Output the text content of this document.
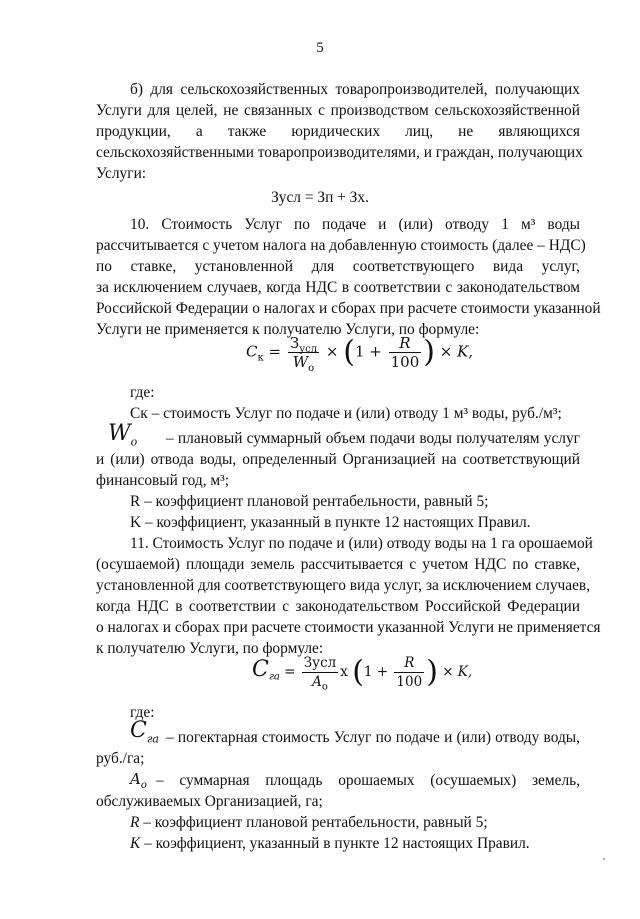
5
б) для сельскохозяйственных товаропроизводителей, получающих
Услуги для целей, не связанных с производством сельскохозяйственной
продукции, а также юридических лиц, не являющихся
сельскохозяйственными товаропроизводителями, и граждан, получающих
Услуги:
Зусл = Зп + Зх.
10. Стоимость Услуг по подаче и (или) отводу 1 м³ воды
рассчитывается с учетом налога на добавленную стоимость (далее – НДС)
по ставке, установленной для соответствующего вида услуг,
за исключением случаев, когда НДС в соответствии с законодательством
Российской Федерации о налогах и сборах при расчете стоимости указанной
Услуги не применяется к получателю Услуги, по формуле:
где:
Cк – стоимость Услуг по подаче и (или) отводу 1 м³ воды, руб./м³;
– плановый суммарный объем подачи воды получателям услуг
и (или) отвода воды, определенный Организацией на соответствующий
финансовый год, м³;
R – коэффициент плановой рентабельности, равный 5;
K – коэффициент, указанный в пункте 12 настоящих Правил.
11. Стоимость Услуг по подаче и (или) отводу воды на 1 га орошаемой
(осушаемой) площади земель рассчитывается с учетом НДС по ставке,
установленной для соответствующего вида услуг, за исключением случаев,
когда НДС в соответствии с законодательством Российской Федерации
о налогах и сборах при расчете стоимости указанной Услуги не применяется
к получателю Услуги, по формуле:
где:
– погектарная стоимость Услуг по подаче и (или) отводу воды,
руб./га;
– суммарная площадь орошаемых (осушаемых) земель,
обслуживаемых Организацией, га;
R – коэффициент плановой рентабельности, равный 5;
K – коэффициент, указанный в пункте 12 настоящих Правил.
$C_к = \frac{З_{усл}}{W_о} \times (1 + \frac{R}{100}$ ) × K,
$C_{га} = \frac{\text{Зусл}}{A_о}$ x ($1 + \frac{R}{100}$ ) × K,
$W_o$
$C_{га}$
$A_о$
